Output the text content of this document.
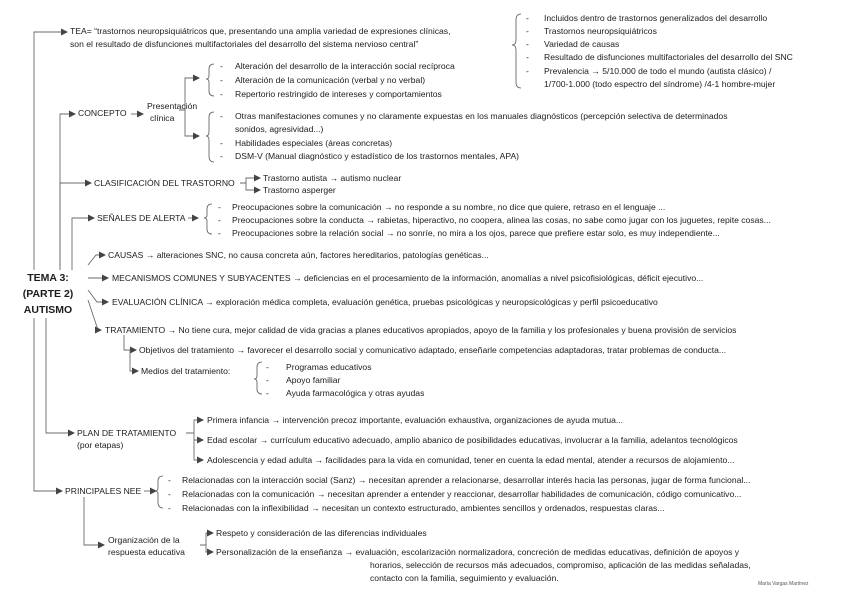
TEMA 3:
(PARTE 2)
AUTISMO
TEA= “trastornos neuropsiquiátricos que, presentando una amplia variedad de expresiones clínicas,
son el resultado de disfunciones multifactoriales del desarrollo del sistema nervioso central”
- Incluidos dentro de trastornos generalizados del desarrollo
- Trastornos neuropsiquiátricos
- Variedad de causas
- Resultado de disfunciones multifactoriales del desarrollo del SNC
- Prevalencia → 5/10.000 de todo el mundo (autista clásico) /
1/700-1.000 (todo espectro del síndrome) /4-1 hombre-mujer
CONCEPTO
Presentación
clínica
- Alteración del desarrollo de la interacción social recíproca
- Alteración de la comunicación (verbal y no verbal)
- Repertorio restringido de intereses y comportamientos
- Otras manifestaciones comunes y no claramente expuestas en los manuales diagnósticos (percepción selectiva de determinados
sonidos, agresividad...)
- Habilidades especiales (áreas concretas)
- DSM-V (Manual diagnóstico y estadístico de los trastornos mentales, APA)
CLASIFICACIÓN DEL TRASTORNO	Trastorno autista → autismo nuclear
Trastorno asperger
SEÑALES DE ALERTA
- Preocupaciones sobre la comunicación → no responde a su nombre, no dice que quiere, retraso en el lenguaje ...
- Preocupaciones sobre la conducta → rabietas, hiperactivo, no coopera, alinea las cosas, no sabe como jugar con los juguetes, repite cosas...
- Preocupaciones sobre la relación social → no sonríe, no mira a los ojos, parece que prefiere estar solo, es muy independiente...
CAUSAS → alteraciones SNC, no causa concreta aún, factores hereditarios, patologías genéticas...
MECANISMOS COMUNES Y SUBYACENTES → deficiencias en el procesamiento de la información, anomalías a nivel psicofisiológicas, déficit ejecutivo...
EVALUACIÓN CLÍNICA → exploración médica completa, evaluación genética, pruebas psicológicas y neuropsicológicas y perfil psicoeducativo
TRATAMIENTO → No tiene cura, mejor calidad de vida gracias a planes educativos apropiados, apoyo de la familia y los profesionales y buena provisión de servicios
Objetivos del tratamiento → favorecer el desarrollo social y comunicativo adaptado, enseñarle competencias adaptadoras, tratar problemas de conducta...
Medios del tratamiento:	- Programas educativos
- Apoyo familiar
- Ayuda farmacológica y otras ayudas
PLAN DE TRATAMIENTO
(por etapas)
Primera infancia → intervención precoz importante, evaluación exhaustiva, organizaciones de ayuda mutua...
Edad escolar → currículum educativo adecuado, amplio abanico de posibilidades educativas, involucrar a la familia, adelantos tecnológicos
Adolescencia y edad adulta → facilidades para la vida en comunidad, tener en cuenta la edad mental, atender a recursos de alojamiento...
PRINCIPALES NEE
- Relacionadas con la interacción social (Sanz) → necesitan aprender a relacionarse, desarrollar interés hacia las personas, jugar de forma funcional...
- Relacionadas con la comunicación → necesitan aprender a entender y reaccionar, desarrollar habilidades de comunicación, código comunicativo...
- Relacionadas con la inflexibilidad → necesitan un contexto estructurado, ambientes sencillos y ordenados, respuestas claras...
Organización de la
respuesta educativa
Respeto y consideración de las diferencias individuales
Personalización de la enseñanza → evaluación, escolarización normalizadora, concreción de medidas educativas, definición de apoyos y
horarios, selección de recursos más adecuados, compromiso, aplicación de las medidas señaladas,
contacto con la familia, seguimiento y evaluación.
María Vargas Martínez
